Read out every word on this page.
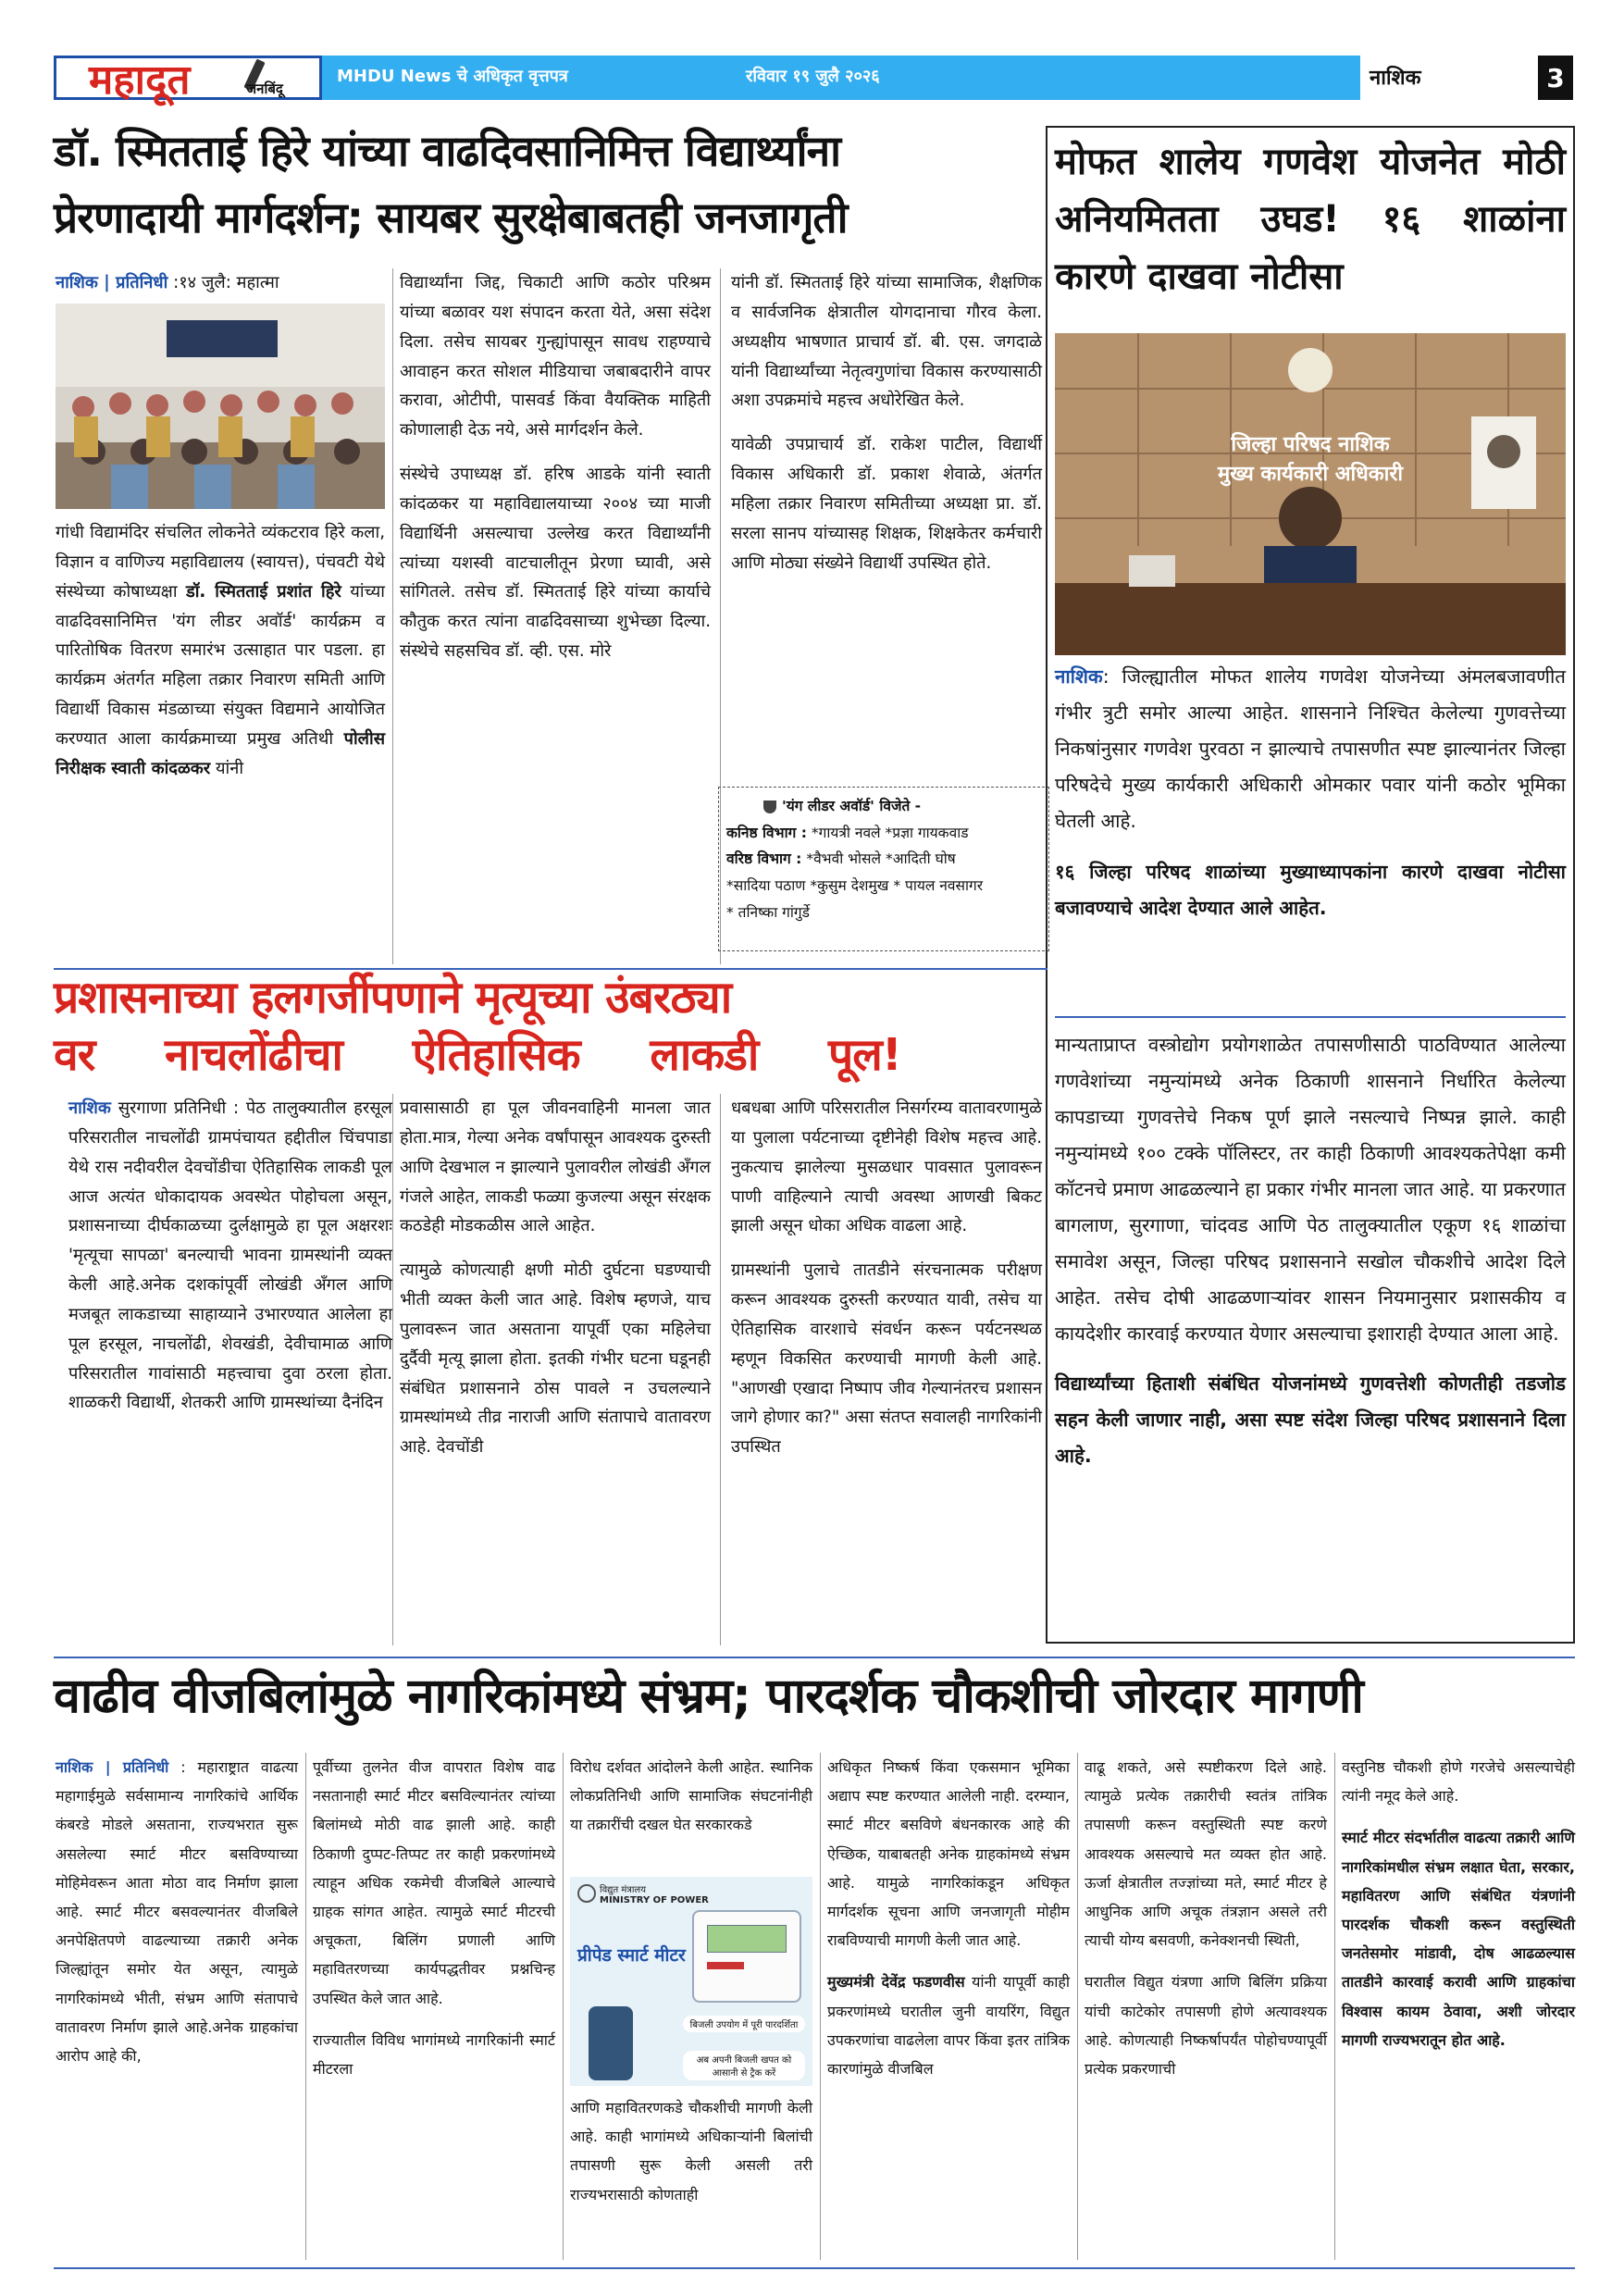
महादूत	जनबिंदू
MHDU News चे अधिकृत वृत्तपत्र	रविवार १९ जुलै २०२६	नाशिक	3
डॉ. स्मितताई हिरे यांच्या वाढदिवसानिमित्त विद्यार्थ्यांना
प्रेरणादायी मार्गदर्शन; सायबर सुरक्षेबाबतही जनजागृती
नाशिक | प्रतिनिधी :१४ जुलै: महात्मा
गांधी विद्यामंदिर संचलित लोकनेते व्यंकटराव हिरे कला, विज्ञान व वाणिज्य महाविद्यालय (स्वायत्त), पंचवटी येथे संस्थेच्या कोषाध्यक्षा डॉ. स्मितताई प्रशांत हिरे यांच्या वाढदिवसानिमित्त 'यंग लीडर अवॉर्ड' कार्यक्रम व पारितोषिक वितरण समारंभ उत्साहात पार पडला. हा कार्यक्रम अंतर्गत महिला तक्रार निवारण समिती आणि विद्यार्थी विकास मंडळाच्या संयुक्त विद्यमाने आयोजित करण्यात आला कार्यक्रमाच्या प्रमुख अतिथी पोलीस निरीक्षक स्वाती कांदळकर यांनी

विद्यार्थ्यांना जिद्द, चिकाटी आणि कठोर परिश्रम यांच्या बळावर यश संपादन करता येते, असा संदेश दिला. तसेच सायबर गुन्ह्यांपासून सावध राहण्याचे आवाहन करत सोशल मीडियाचा जबाबदारीने वापर करावा, ओटीपी, पासवर्ड किंवा वैयक्तिक माहिती कोणालाही देऊ नये, असे मार्गदर्शन केले.

संस्थेचे उपाध्यक्ष डॉ. हरिष आडके यांनी स्वाती कांदळकर या महाविद्यालयाच्या २००४ च्या माजी विद्यार्थिनी असल्याचा उल्लेख करत विद्यार्थ्यांनी त्यांच्या यशस्वी वाटचालीतून प्रेरणा घ्यावी, असे सांगितले. तसेच डॉ. स्मितताई हिरे यांच्या कार्याचे कौतुक करत त्यांना वाढदिवसाच्या शुभेच्छा दिल्या. संस्थेचे सहसचिव डॉ. व्ही. एस. मोरे

यांनी डॉ. स्मितताई हिरे यांच्या सामाजिक, शैक्षणिक व सार्वजनिक क्षेत्रातील योगदानाचा गौरव केला. अध्यक्षीय भाषणात प्राचार्य डॉ. बी. एस. जगदाळे यांनी विद्यार्थ्यांच्या नेतृत्वगुणांचा विकास करण्यासाठी अशा उपक्रमांचे महत्त्व अधोरेखित केले.

यावेळी उपप्राचार्य डॉ. राकेश पाटील, विद्यार्थी विकास अधिकारी डॉ. प्रकाश शेवाळे, अंतर्गत महिला तक्रार निवारण समितीच्या अध्यक्षा प्रा. डॉ. सरला सानप यांच्यासह शिक्षक, शिक्षकेतर कर्मचारी आणि मोठ्या संख्येने विद्यार्थी उपस्थित होते.

'यंग लीडर अवॉर्ड' विजेते -
कनिष्ठ विभाग : *गायत्री नवले *प्रज्ञा गायकवाड
वरिष्ठ विभाग : *वैभवी भोसले *आदिती घोष
*सादिया पठाण *कुसुम देशमुख * पायल नवसागर
* तनिष्का गांगुर्डे
मोफत शालेय गणवेश योजनेत मोठी अनियमितता उघड! १६ शाळांना कारणे दाखवा नोटीसा
जिल्हा परिषद नाशिक
मुख्य कार्यकारी अधिकारी

नाशिक: जिल्ह्यातील मोफत शालेय गणवेश योजनेच्या अंमलबजावणीत गंभीर त्रुटी समोर आल्या आहेत. शासनाने निश्चित केलेल्या गुणवत्तेच्या निकषांनुसार गणवेश पुरवठा न झाल्याचे तपासणीत स्पष्ट झाल्यानंतर जिल्हा परिषदेचे मुख्य कार्यकारी अधिकारी ओमकार पवार यांनी कठोर भूमिका घेतली आहे.

१६ जिल्हा परिषद शाळांच्या मुख्याध्यापकांना कारणे दाखवा नोटीसा बजावण्याचे आदेश देण्यात आले आहेत.

मान्यताप्राप्त वस्त्रोद्योग प्रयोगशाळेत तपासणीसाठी पाठविण्यात आलेल्या गणवेशांच्या नमुन्यांमध्ये अनेक ठिकाणी शासनाने निर्धारित केलेल्या कापडाच्या गुणवत्तेचे निकष पूर्ण झाले नसल्याचे निष्पन्न झाले. काही नमुन्यांमध्ये १०० टक्के पॉलिस्टर, तर काही ठिकाणी आवश्यकतेपेक्षा कमी कॉटनचे प्रमाण आढळल्याने हा प्रकार गंभीर मानला जात आहे. या प्रकरणात बागलाण, सुरगाणा, चांदवड आणि पेठ तालुक्यातील एकूण १६ शाळांचा समावेश असून, जिल्हा परिषद प्रशासनाने सखोल चौकशीचे आदेश दिले आहेत. तसेच दोषी आढळणाऱ्यांवर शासन नियमानुसार प्रशासकीय व कायदेशीर कारवाई करण्यात येणार असल्याचा इशाराही देण्यात आला आहे.

विद्यार्थ्यांच्या हिताशी संबंधित योजनांमध्ये गुणवत्तेशी कोणतीही तडजोड सहन केली जाणार नाही, असा स्पष्ट संदेश जिल्हा परिषद प्रशासनाने दिला आहे.

प्रशासनाच्या हलगर्जीपणाने मृत्यूच्या उंबरठ्या
वर नाचलोंढीचा ऐतिहासिक लाकडी पूल!
नाशिक सुरगाणा प्रतिनिधी : पेठ तालुक्यातील हरसूल परिसरातील नाचलोंढी ग्रामपंचायत हद्दीतील चिंचपाडा येथे रास नदीवरील देवचोंडीचा ऐतिहासिक लाकडी पूल आज अत्यंत धोकादायक अवस्थेत पोहोचला असून, प्रशासनाच्या दीर्घकाळच्या दुर्लक्षामुळे हा पूल अक्षरशः 'मृत्यूचा सापळा' बनल्याची भावना ग्रामस्थांनी व्यक्त केली आहे.अनेक दशकांपूर्वी लोखंडी अँगल आणि मजबूत लाकडाच्या साहाय्याने उभारण्यात आलेला हा पूल हरसूल, नाचलोंढी, शेवखंडी, देवीचामाळ आणि परिसरातील गावांसाठी महत्त्वाचा दुवा ठरला होता. शाळकरी विद्यार्थी, शेतकरी आणि ग्रामस्थांच्या दैनंदिन

प्रवासासाठी हा पूल जीवनवाहिनी मानला जात होता.मात्र, गेल्या अनेक वर्षांपासून आवश्यक दुरुस्ती आणि देखभाल न झाल्याने पुलावरील लोखंडी अँगल गंजले आहेत, लाकडी फळ्या कुजल्या असून संरक्षक कठडेही मोडकळीस आले आहेत.

त्यामुळे कोणत्याही क्षणी मोठी दुर्घटना घडण्याची भीती व्यक्त केली जात आहे. विशेष म्हणजे, याच पुलावरून जात असताना यापूर्वी एका महिलेचा दुर्दैवी मृत्यू झाला होता. इतकी गंभीर घटना घडूनही संबंधित प्रशासनाने ठोस पावले न उचलल्याने ग्रामस्थांमध्ये तीव्र नाराजी आणि संतापाचे वातावरण आहे. देवचोंडी

धबधबा आणि परिसरातील निसर्गरम्य वातावरणामुळे या पुलाला पर्यटनाच्या दृष्टीनेही विशेष महत्त्व आहे. नुकत्याच झालेल्या मुसळधार पावसात पुलावरून पाणी वाहिल्याने त्याची अवस्था आणखी बिकट झाली असून धोका अधिक वाढला आहे.

ग्रामस्थांनी पुलाचे तातडीने संरचनात्मक परीक्षण करून आवश्यक दुरुस्ती करण्यात यावी, तसेच या ऐतिहासिक वारशाचे संवर्धन करून पर्यटनस्थळ म्हणून विकसित करण्याची मागणी केली आहे. "आणखी एखादा निष्पाप जीव गेल्यानंतरच प्रशासन जागे होणार का?" असा संतप्त सवालही नागरिकांनी उपस्थित

वाढीव वीजबिलांमुळे नागरिकांमध्ये संभ्रम; पारदर्शक चौकशीची जोरदार मागणी
नाशिक | प्रतिनिधी : महाराष्ट्रात वाढत्या महागाईमुळे सर्वसामान्य नागरिकांचे आर्थिक कंबरडे मोडले असताना, राज्यभरात सुरू असलेल्या स्मार्ट मीटर बसविण्याच्या मोहिमेवरून आता मोठा वाद निर्माण झाला आहे. स्मार्ट मीटर बसवल्यानंतर वीजबिले अनपेक्षितपणे वाढल्याच्या तक्रारी अनेक जिल्ह्यांतून समोर येत असून, त्यामुळे नागरिकांमध्ये भीती, संभ्रम आणि संतापाचे वातावरण निर्माण झाले आहे.अनेक ग्राहकांचा आरोप आहे की,

पूर्वीच्या तुलनेत वीज वापरात विशेष वाढ नसतानाही स्मार्ट मीटर बसविल्यानंतर त्यांच्या बिलांमध्ये मोठी वाढ झाली आहे. काही ठिकाणी दुप्पट-तिप्पट तर काही प्रकरणांमध्ये त्याहून अधिक रकमेची वीजबिले आल्याचे ग्राहक सांगत आहेत. त्यामुळे स्मार्ट मीटरची अचूकता, बिलिंग प्रणाली आणि महावितरणच्या कार्यपद्धतीवर प्रश्नचिन्ह उपस्थित केले जात आहे.

राज्यातील विविध भागांमध्ये नागरिकांनी स्मार्ट मीटरला

विरोध दर्शवत आंदोलने केली आहेत. स्थानिक लोकप्रतिनिधी आणि सामाजिक संघटनांनीही या तक्रारींची दखल घेत सरकारकडे

विद्युत मंत्रालय
MINISTRY OF POWER
प्रीपेड स्मार्ट मीटर
बिजली उपयोग में पूरी पारदर्शिता
अब अपनी बिजली खपत को आसानी से ट्रैक करें

आणि महावितरणकडे चौकशीची मागणी केली आहे. काही भागांमध्ये अधिकाऱ्यांनी बिलांची तपासणी सुरू केली असली तरी राज्यभरासाठी कोणताही

अधिकृत निष्कर्ष किंवा एकसमान भूमिका अद्याप स्पष्ट करण्यात आलेली नाही. दरम्यान, स्मार्ट मीटर बसविणे बंधनकारक आहे की ऐच्छिक, याबाबतही अनेक ग्राहकांमध्ये संभ्रम आहे. यामुळे नागरिकांकडून अधिकृत मार्गदर्शक सूचना आणि जनजागृती मोहीम राबविण्याची मागणी केली जात आहे.

मुख्यमंत्री देवेंद्र फडणवीस यांनी यापूर्वी काही प्रकरणांमध्ये घरातील जुनी वायरिंग, विद्युत उपकरणांचा वाढलेला वापर किंवा इतर तांत्रिक कारणांमुळे वीजबिल

वाढू शकते, असे स्पष्टीकरण दिले आहे. त्यामुळे प्रत्येक तक्रारीची स्वतंत्र तांत्रिक तपासणी करून वस्तुस्थिती स्पष्ट करणे आवश्यक असल्याचे मत व्यक्त होत आहे. ऊर्जा क्षेत्रातील तज्ज्ञांच्या मते, स्मार्ट मीटर हे आधुनिक आणि अचूक तंत्रज्ञान असले तरी त्याची योग्य बसवणी, कनेक्शनची स्थिती,

घरातील विद्युत यंत्रणा आणि बिलिंग प्रक्रिया यांची काटेकोर तपासणी होणे अत्यावश्यक आहे. कोणत्याही निष्कर्षापर्यंत पोहोचण्यापूर्वी प्रत्येक प्रकरणाची

वस्तुनिष्ठ चौकशी होणे गरजेचे असल्याचेही त्यांनी नमूद केले आहे.

स्मार्ट मीटर संदर्भातील वाढत्या तक्रारी आणि नागरिकांमधील संभ्रम लक्षात घेता, सरकार, महावितरण आणि संबंधित यंत्रणांनी पारदर्शक चौकशी करून वस्तुस्थिती जनतेसमोर मांडावी, दोष आढळल्यास तातडीने कारवाई करावी आणि ग्राहकांचा विश्वास कायम ठेवावा, अशी जोरदार मागणी राज्यभरातून होत आहे.
